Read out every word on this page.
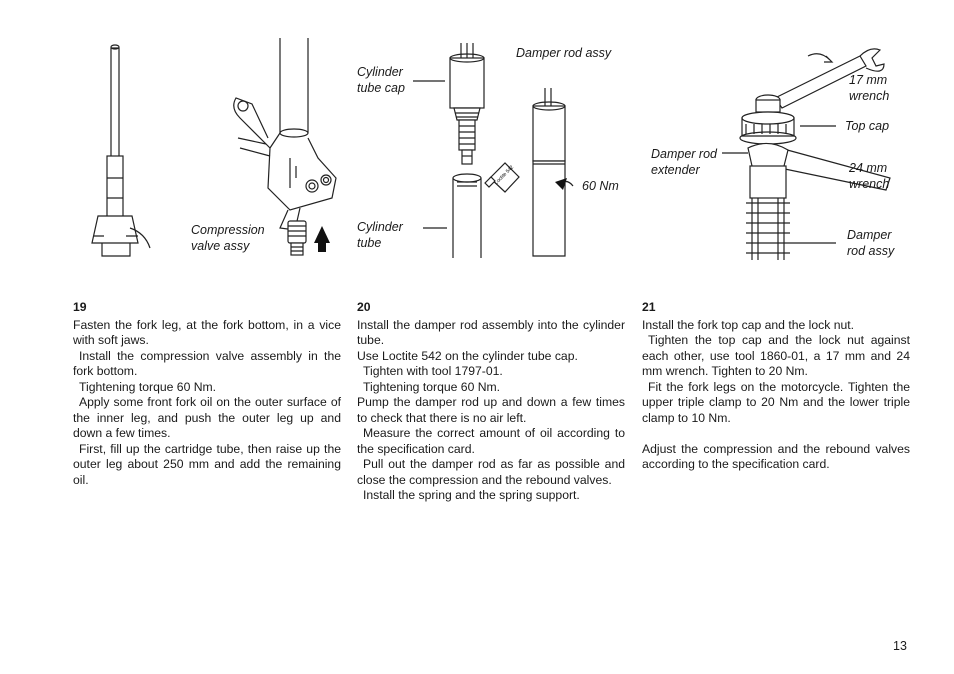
Compression
valve assy
Loctite 542
Cylinder
tube cap
Damper rod assy
60 Nm
Cylinder
tube
17 mm
wrench
Top cap
Damper rod
extender	24 mm
wrench
Damper
rod assy
19

Fasten the fork leg, at the fork bottom, in a vice with soft jaws.

Install the compression valve assembly in the fork bottom.

Tightening torque 60 Nm.

Apply some front fork oil on the outer surface of the inner leg, and push the outer leg up and down a few times.

First, fill up the cartridge tube, then raise up the outer leg about 250 mm and add the remaining oil.

20

Install the damper rod assembly into the cylinder tube.

Use Loctite 542 on the cylinder tube cap.

Tighten with tool 1797-01.

Tightening torque 60 Nm.

Pump the damper rod up and down a few times to check that there is no air left.

Measure the correct amount of oil according to the specification card.

Pull out the damper rod as far as possible and close the compression and the rebound valves.

Install the spring and the spring support.

21

Install the fork top cap and the lock nut.

Tighten the top cap and the lock nut against each other, use tool 1860-01, a 17 mm and 24 mm wrench. Tighten to 20 Nm.

Fit the fork legs on the motorcycle. Tighten the upper triple clamp to 20 Nm and the lower triple clamp to 10 Nm.

Adjust the compression and the rebound valves according to the specification card.

13
